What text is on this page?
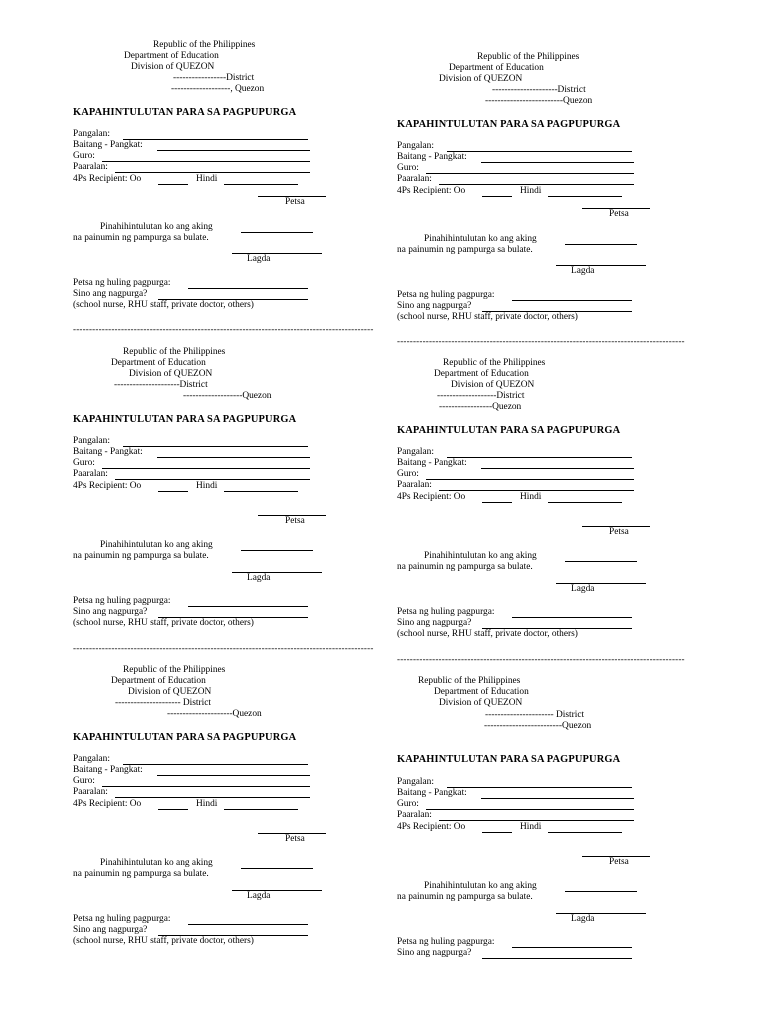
Republic of the Philippines
Department of Education
Division of QUEZON
-----------------District
-------------------, Quezon
KAPAHINTULUTAN PARA SA PAGPUPURGA
Pangalan:
Baitang - Pangkat:
Guro:
Paaralan:
4Ps Recipient: Oo	Hindi
Petsa
Pinahihintulutan ko ang aking
na painumin ng pampurga sa bulate.
Lagda
Petsa ng huling pagpurga:
Sino ang nagpurga?
(school nurse, RHU staff, private doctor, others)
Republic of the Philippines
Department of Education
Division of QUEZON
---------------------District
-------------------------Quezon
KAPAHINTULUTAN PARA SA PAGPUPURGA
Pangalan:
Baitang - Pangkat:
Guro:
Paaralan:
4Ps Recipient: Oo	Hindi
Petsa
Pinahihintulutan ko ang aking
na painumin ng pampurga sa bulate.
Lagda
Petsa ng huling pagpurga:
Sino ang nagpurga?
(school nurse, RHU staff, private doctor, others)
----------------------------------------------------------------------------------------------
------------------------------------------------------------------------------------------
Republic of the Philippines
Department of Education
Division of QUEZON
---------------------District
-------------------Quezon
KAPAHINTULUTAN PARA SA PAGPUPURGA
Pangalan:
Baitang - Pangkat:
Guro:
Paaralan:
4Ps Recipient: Oo	Hindi
Petsa
Pinahihintulutan ko ang aking
na painumin ng pampurga sa bulate.
Lagda
Petsa ng huling pagpurga:
Sino ang nagpurga?
(school nurse, RHU staff, private doctor, others)
Republic of the Philippines
Department of Education
Division of QUEZON
-------------------District
-----------------Quezon
KAPAHINTULUTAN PARA SA PAGPUPURGA
Pangalan:
Baitang - Pangkat:
Guro:
Paaralan:
4Ps Recipient: Oo	Hindi
Petsa
Pinahihintulutan ko ang aking
na painumin ng pampurga sa bulate.
Lagda
Petsa ng huling pagpurga:
Sino ang nagpurga?
(school nurse, RHU staff, private doctor, others)
----------------------------------------------------------------------------------------------
------------------------------------------------------------------------------------------
Republic of the Philippines
Department of Education
Division of QUEZON
--------------------- District
---------------------Quezon
KAPAHINTULUTAN PARA SA PAGPUPURGA
Pangalan:
Baitang - Pangkat:
Guro:
Paaralan:
4Ps Recipient: Oo	Hindi
Petsa
Pinahihintulutan ko ang aking
na painumin ng pampurga sa bulate.
Lagda
Petsa ng huling pagpurga:
Sino ang nagpurga?
(school nurse, RHU staff, private doctor, others)
Republic of the Philippines
Department of Education
Division of QUEZON
---------------------- District
-------------------------Quezon
KAPAHINTULUTAN PARA SA PAGPUPURGA
Pangalan:
Baitang - Pangkat:
Guro:
Paaralan:
4Ps Recipient: Oo	Hindi
Petsa
Pinahihintulutan ko ang aking
na painumin ng pampurga sa bulate.
Lagda
Petsa ng huling pagpurga:
Sino ang nagpurga?
